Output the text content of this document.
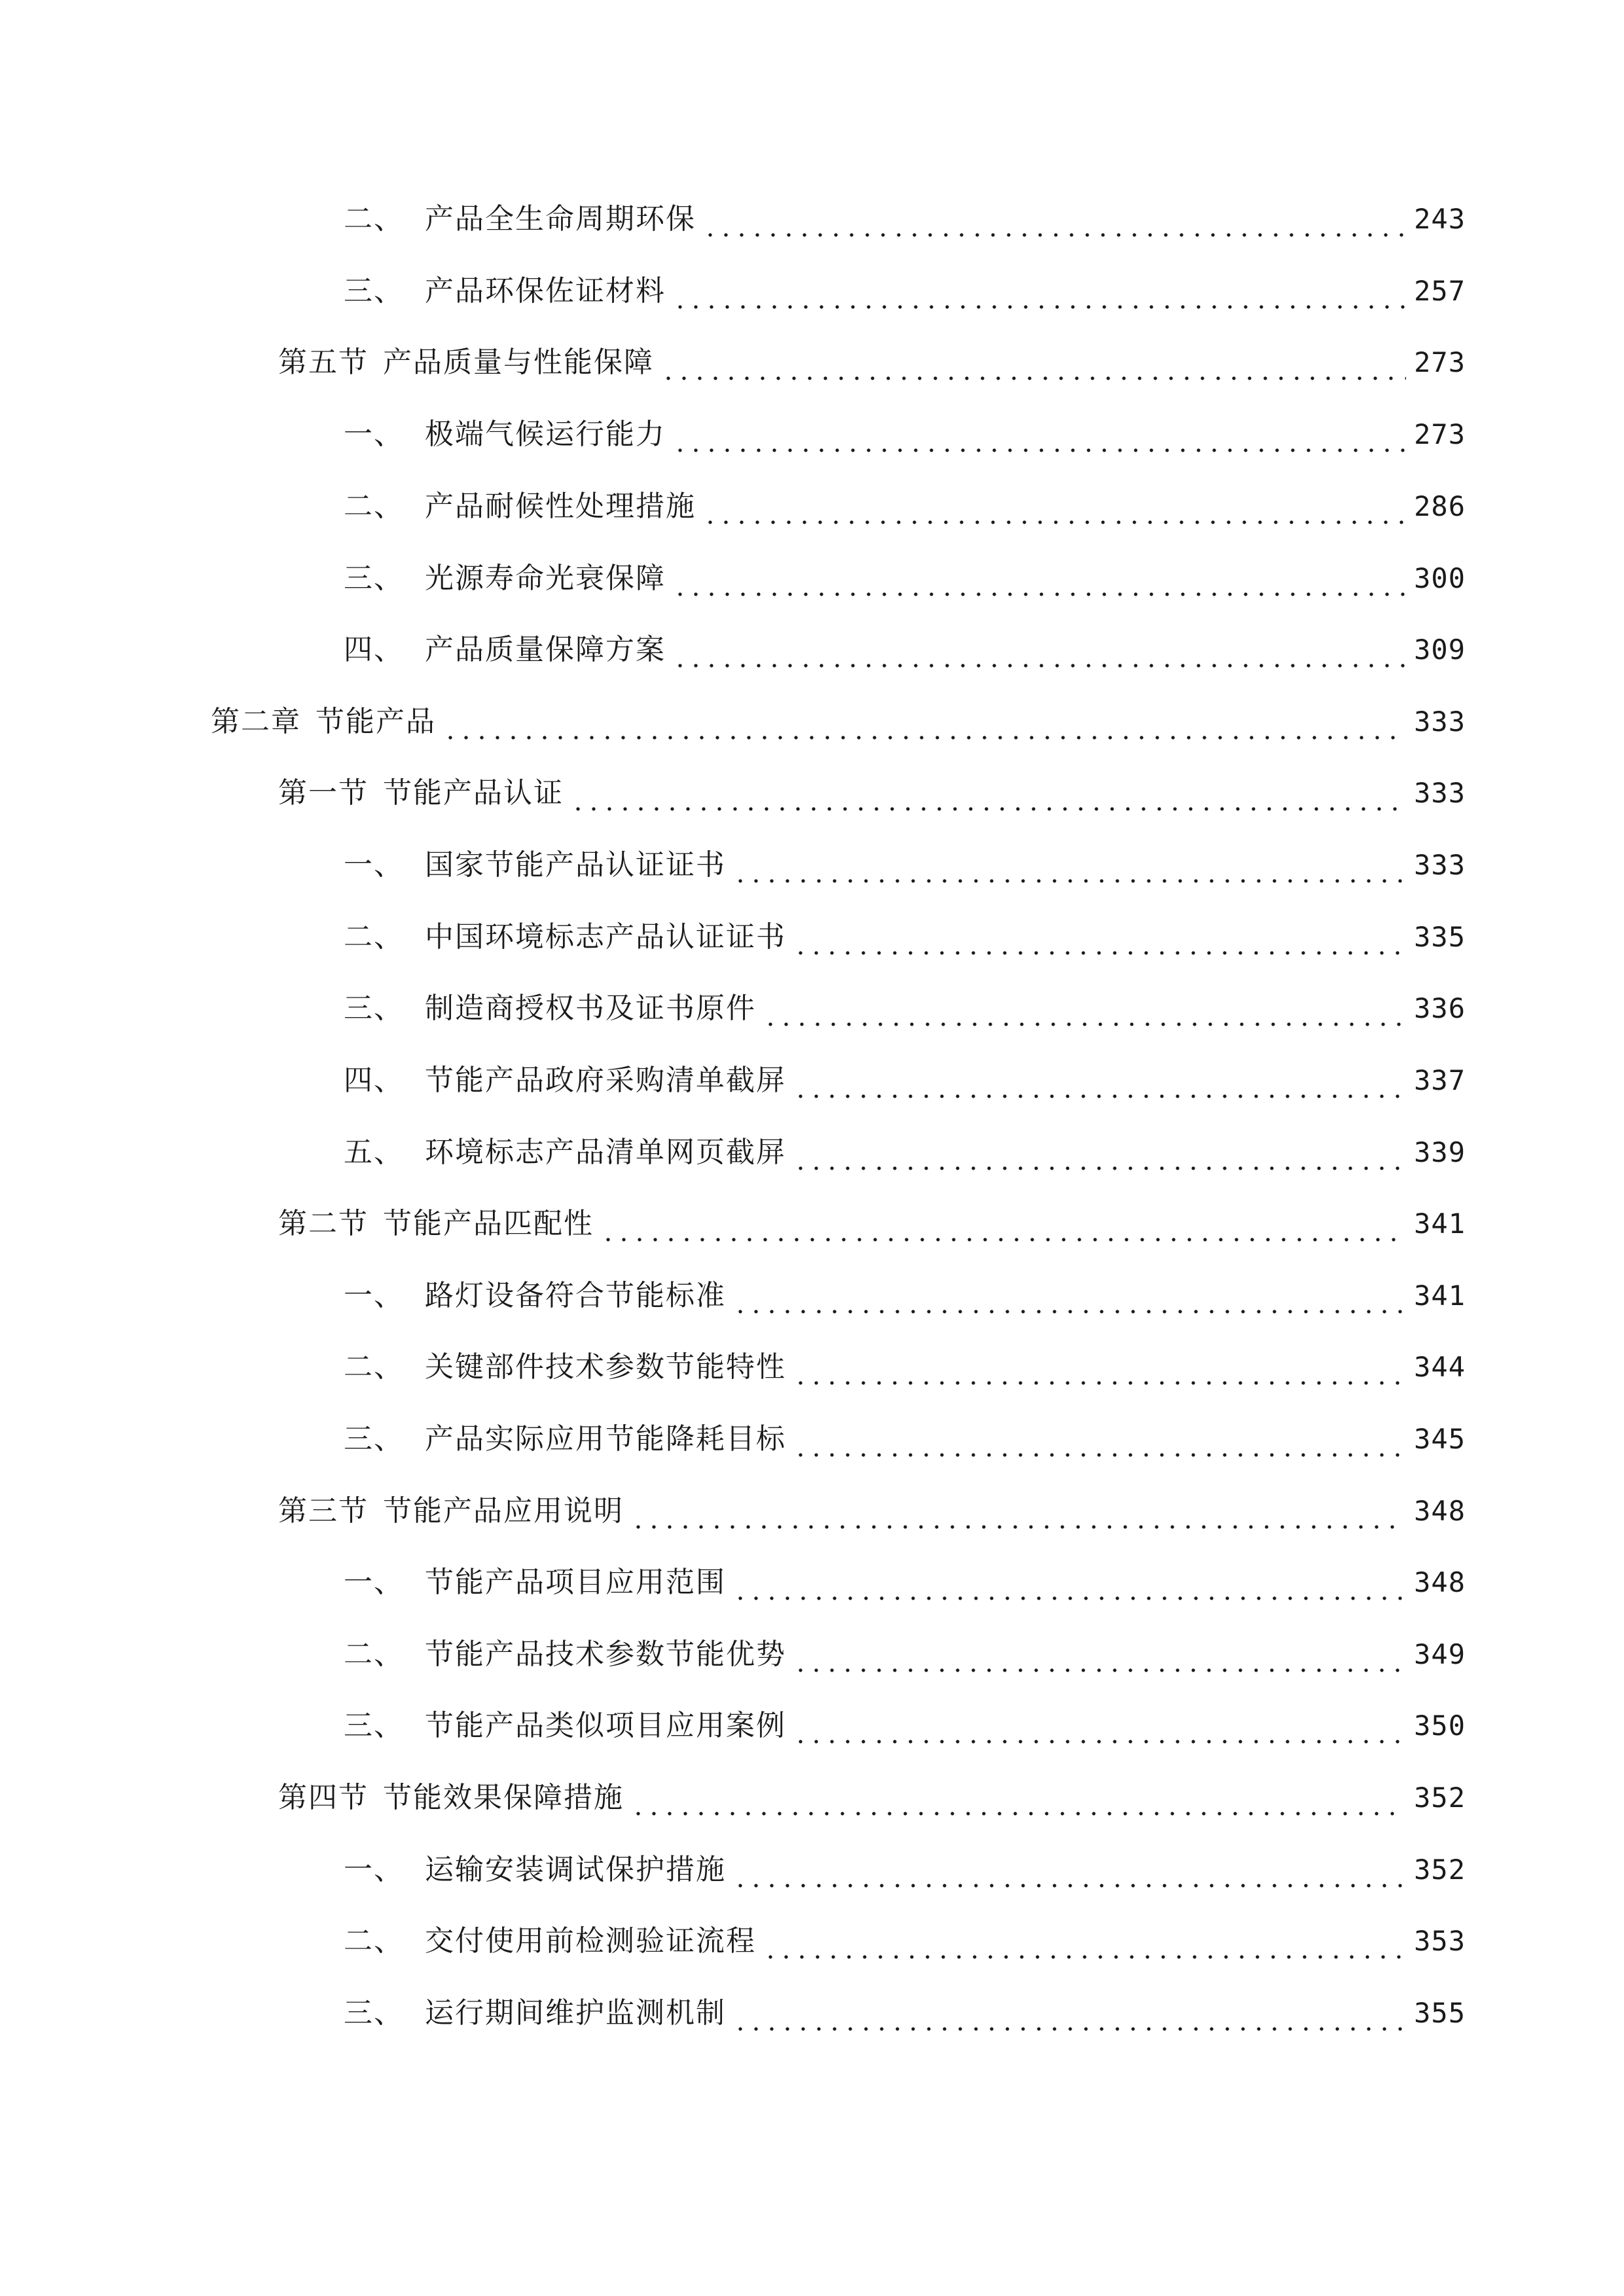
二、 产品全生命周期环保	243
三、 产品环保佐证材料	257
第五节 产品质量与性能保障	273
一、 极端气候运行能力	273
二、 产品耐候性处理措施	286
三、 光源寿命光衰保障	300
四、 产品质量保障方案	309
第二章 节能产品	333
第一节 节能产品认证	333
一、 国家节能产品认证证书	333
二、 中国环境标志产品认证证书	335
三、 制造商授权书及证书原件	336
四、 节能产品政府采购清单截屏	337
五、 环境标志产品清单网页截屏	339
第二节 节能产品匹配性	341
一、 路灯设备符合节能标准	341
二、 关键部件技术参数节能特性	344
三、 产品实际应用节能降耗目标	345
第三节 节能产品应用说明	348
一、 节能产品项目应用范围	348
二、 节能产品技术参数节能优势	349
三、 节能产品类似项目应用案例	350
第四节 节能效果保障措施	352
一、 运输安装调试保护措施	352
二、 交付使用前检测验证流程	353
三、 运行期间维护监测机制	355
